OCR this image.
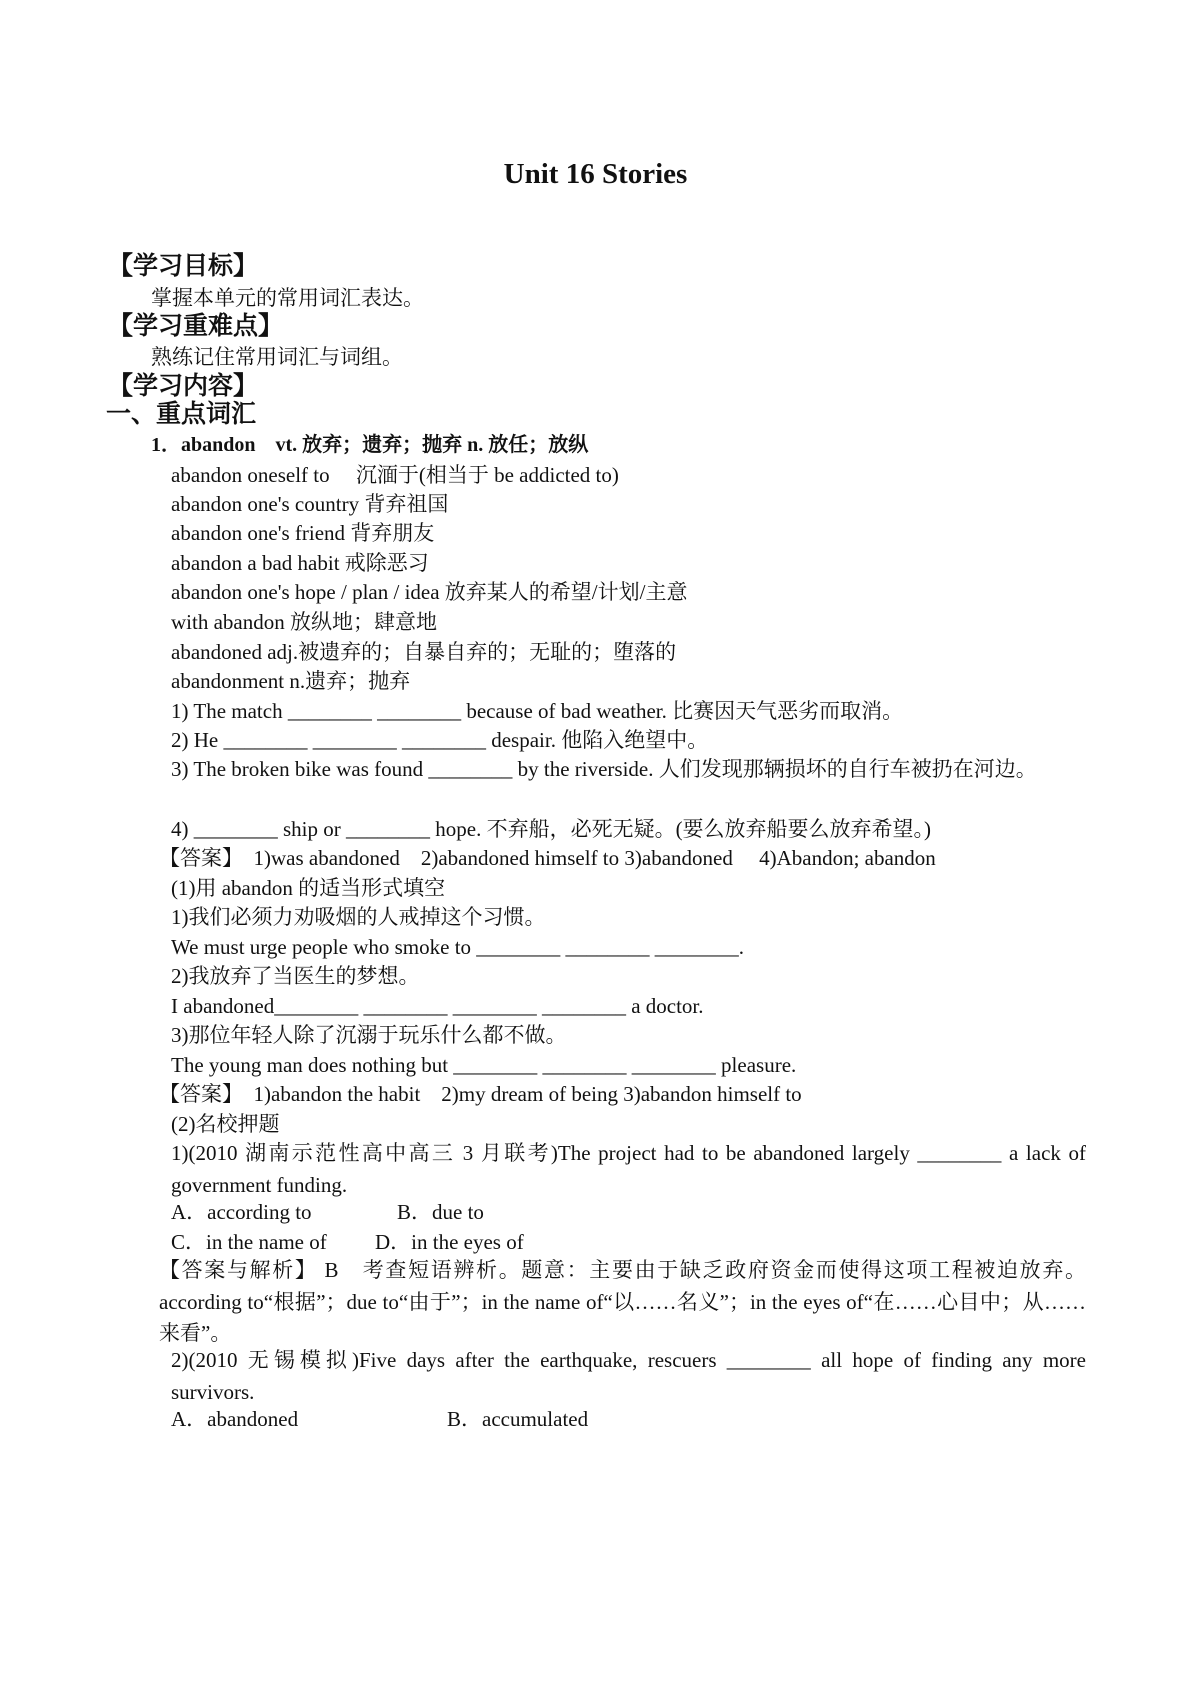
Unit 16 Stories

【学习目标】

掌握本单元的常用词汇表达。

【学习重难点】

熟练记住常用词汇与词组。

【学习内容】

一、重点词汇

1．abandon　vt. 放弃；遗弃；抛弃 n. 放任；放纵

abandon oneself to　 沉湎于(相当于 be addicted to)

abandon one's country 背弃祖国

abandon one's friend 背弃朋友

abandon a bad habit 戒除恶习

abandon one's hope / plan / idea 放弃某人的希望/计划/主意

with abandon 放纵地；肆意地

abandoned adj.被遗弃的；自暴自弃的；无耻的；堕落的

abandonment n.遗弃；抛弃

1) The match ________ ________ because of bad weather. 比赛因天气恶劣而取消。

2) He ________ ________ ________ despair. 他陷入绝望中。

3) The broken bike was found ________ by the riverside. 人们发现那辆损坏的自行车被扔在河边。

4) ________ ship or ________ hope. 不弃船，必死无疑。(要么放弃船要么放弃希望。)

【答案】　1)was abandoned　2)abandoned himself to 3)abandoned　 4)Abandon; abandon

(1)用 abandon 的适当形式填空

1)我们必须力劝吸烟的人戒掉这个习惯。

We must urge people who smoke to ________ ________ ________.

2)我放弃了当医生的梦想。

I abandoned________ ________ ________ ________ a doctor.

3)那位年轻人除了沉溺于玩乐什么都不做。

The young man does nothing but ________ ________ ________ pleasure.

【答案】　1)abandon the habit　2)my dream of being 3)abandon himself to

(2)名校押题

1)(2010 湖南示范性高中高三 3 月联考)The project had to be abandoned largely ________ a lack of government funding.

A．according to	B．due to

C．in the name of D．in the eyes of

【答案与解析】 B　考查短语辨析。题意：主要由于缺乏政府资金而使得这项工程被迫放弃。according to“根据”；due to“由于”；in the name of“以……名义”；in the eyes of“在……心目中；从……来看”。

2)(2010 无锡模拟)Five days after the earthquake, rescuers ________ all hope of finding any more survivors.

A．abandoned	B．accumulated
